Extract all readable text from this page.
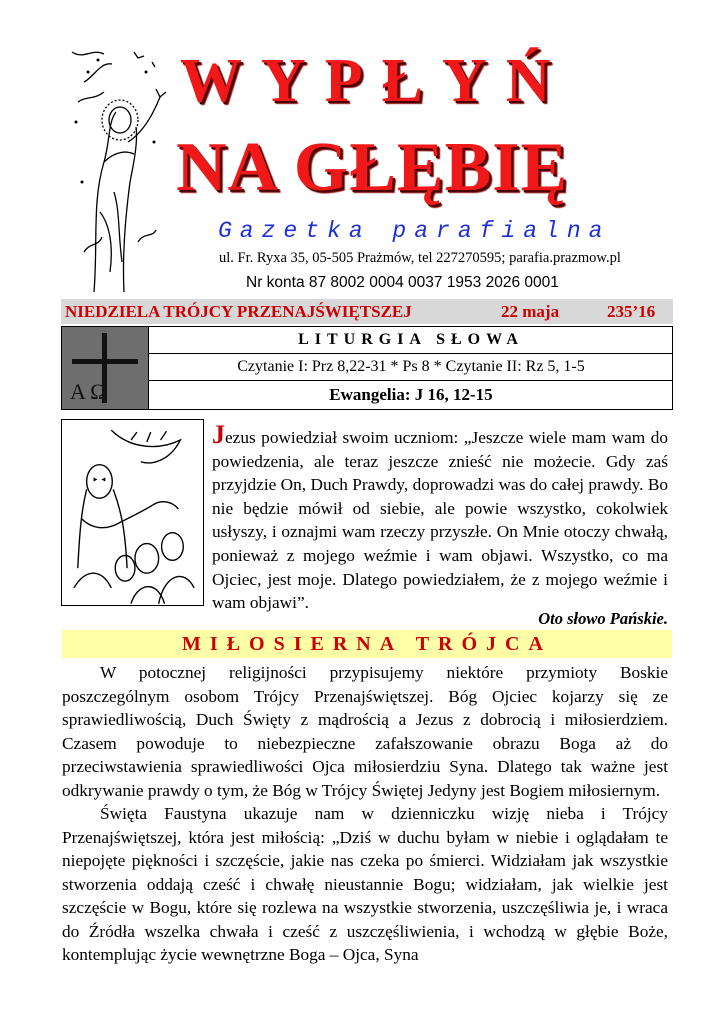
WYPŁYŃ
NA GŁĘBIĘ
Gazetka parafialna
ul. Fr. Ryxa 35, 05-505 Prażmów, tel 227270595; parafia.prazmow.pl
Nr konta 87 8002 0004 0037 1953 2026 0001
NIEDZIELA TRÓJCY PRZENAJŚWIĘTSZEJ	22 maja	235’16
A Ω
LITURGIA SŁOWA
Czytanie I: Prz 8,22-31 * Ps 8 * Czytanie II: Rz 5, 1-5
Ewangelia: J 16, 12-15
Jezus powiedział swoim uczniom: „Jeszcze wiele mam wam do powiedzenia, ale teraz jeszcze znieść nie możecie. Gdy zaś przyjdzie On, Duch Prawdy, doprowadzi was do całej prawdy. Bo nie będzie mówił od siebie, ale powie wszystko, cokolwiek usłyszy, i oznajmi wam rzeczy przyszłe. On Mnie otoczy chwałą, ponieważ z mojego weźmie i wam objawi. Wszystko, co ma Ojciec, jest moje. Dlatego powiedziałem, że z mojego weźmie i wam objawi”.
Oto słowo Pańskie.
MIŁOSIERNA TRÓJCA

W potocznej religijności przypisujemy niektóre przymioty Boskie poszczególnym osobom Trójcy Przenajświętszej. Bóg Ojciec kojarzy się ze sprawiedliwością, Duch Święty z mądrością a Jezus z dobrocią i miłosierdziem. Czasem powoduje to niebezpieczne zafałszowanie obrazu Boga aż do przeciwstawienia sprawiedliwości Ojca miłosierdziu Syna. Dlatego tak ważne jest odkrywanie prawdy o tym, że Bóg w Trójcy Świętej Jedyny jest Bogiem miłosiernym.

Święta Faustyna ukazuje nam w dzienniczku wizję nieba i Trójcy Przenajświętszej, która jest miłością: „Dziś w duchu byłam w niebie i oglądałam te niepojęte piękności i szczęście, jakie nas czeka po śmierci. Widziałam jak wszystkie stworzenia oddają cześć i chwałę nieustannie Bogu; widziałam, jak wielkie jest szczęście w Bogu, które się rozlewa na wszystkie stworzenia, uszczęśliwia je, i wraca do Źródła wszelka chwała i cześć z uszczęśliwienia, i wchodzą w głębie Boże, kontemplując życie wewnętrzne Boga – Ojca, Syna
